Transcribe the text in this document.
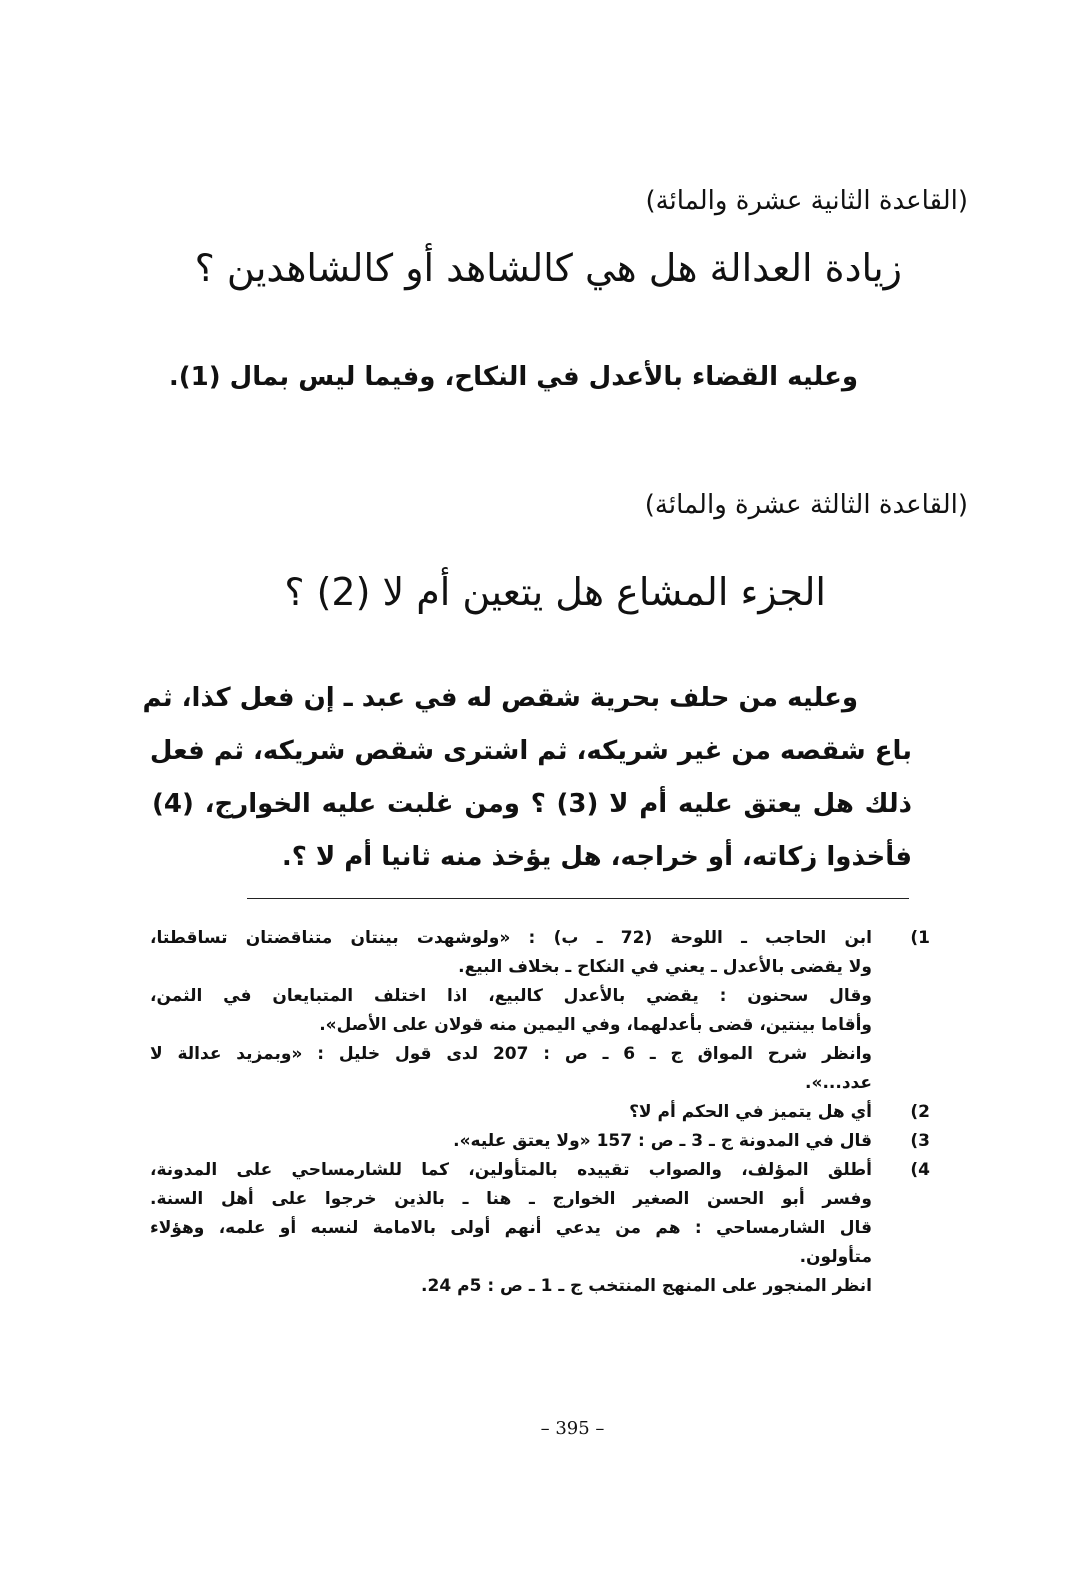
(القاعدة الثانية عشرة والمائة)
زيادة العدالة هل هي كالشاهد أو كالشاهدين ؟
وعليه القضاء بالأعدل في النكاح، وفيما ليس بمال (1).
(القاعدة الثالثة عشرة والمائة)
الجزء المشاع هل يتعين أم لا (2) ؟
وعليه من حلف بحرية شقص له في عبد ـ إن فعل كذا، ثم
باع شقصه من غير شريكه، ثم اشترى شقص شريكه، ثم فعل
ذلك هل يعتق عليه أم لا (3) ؟ ومن غلبت عليه الخوارج، (4)
فأخذوا زكاته، أو خراجه، هل يؤخذ منه ثانيا أم لا ؟.
(1
ابن الحاجب ـ اللوحة (72 ـ ب) : «ولوشهدت بينتان متناقضتان تساقطتا،
ولا يقضى بالأعدل ـ يعني في النكاح ـ بخلاف البيع.
وقال سحنون : يقضي بالأعدل كالبيع، اذا اختلف المتبايعان في الثمن،
وأقاما بينتين، قضى بأعدلهما، وفي اليمين منه قولان على الأصل».
وانظر شرح المواق ج ـ 6 ـ ص : 207 لدى قول خليل : «وبمزيد عدالة لا
عدد...».
(2
أي هل يتميز في الحكم أم لا؟
(3
قال في المدونة ج ـ 3 ـ ص : 157 «ولا يعتق عليه».
(4
أطلق المؤلف، والصواب تقييده بالمتأولين، كما للشارمساحي على المدونة،
وفسر أبو الحسن الصغير الخوارج ـ هنا ـ بالذين خرجوا على أهل السنة.
قال الشارمساحي : هم من يدعي أنهم أولى بالامامة لنسبه أو علمه، وهؤلاء
متأولون.
انظر المنجور على المنهج المنتخب ج ـ 1 ـ ص : 5م 24.
– 395 –
